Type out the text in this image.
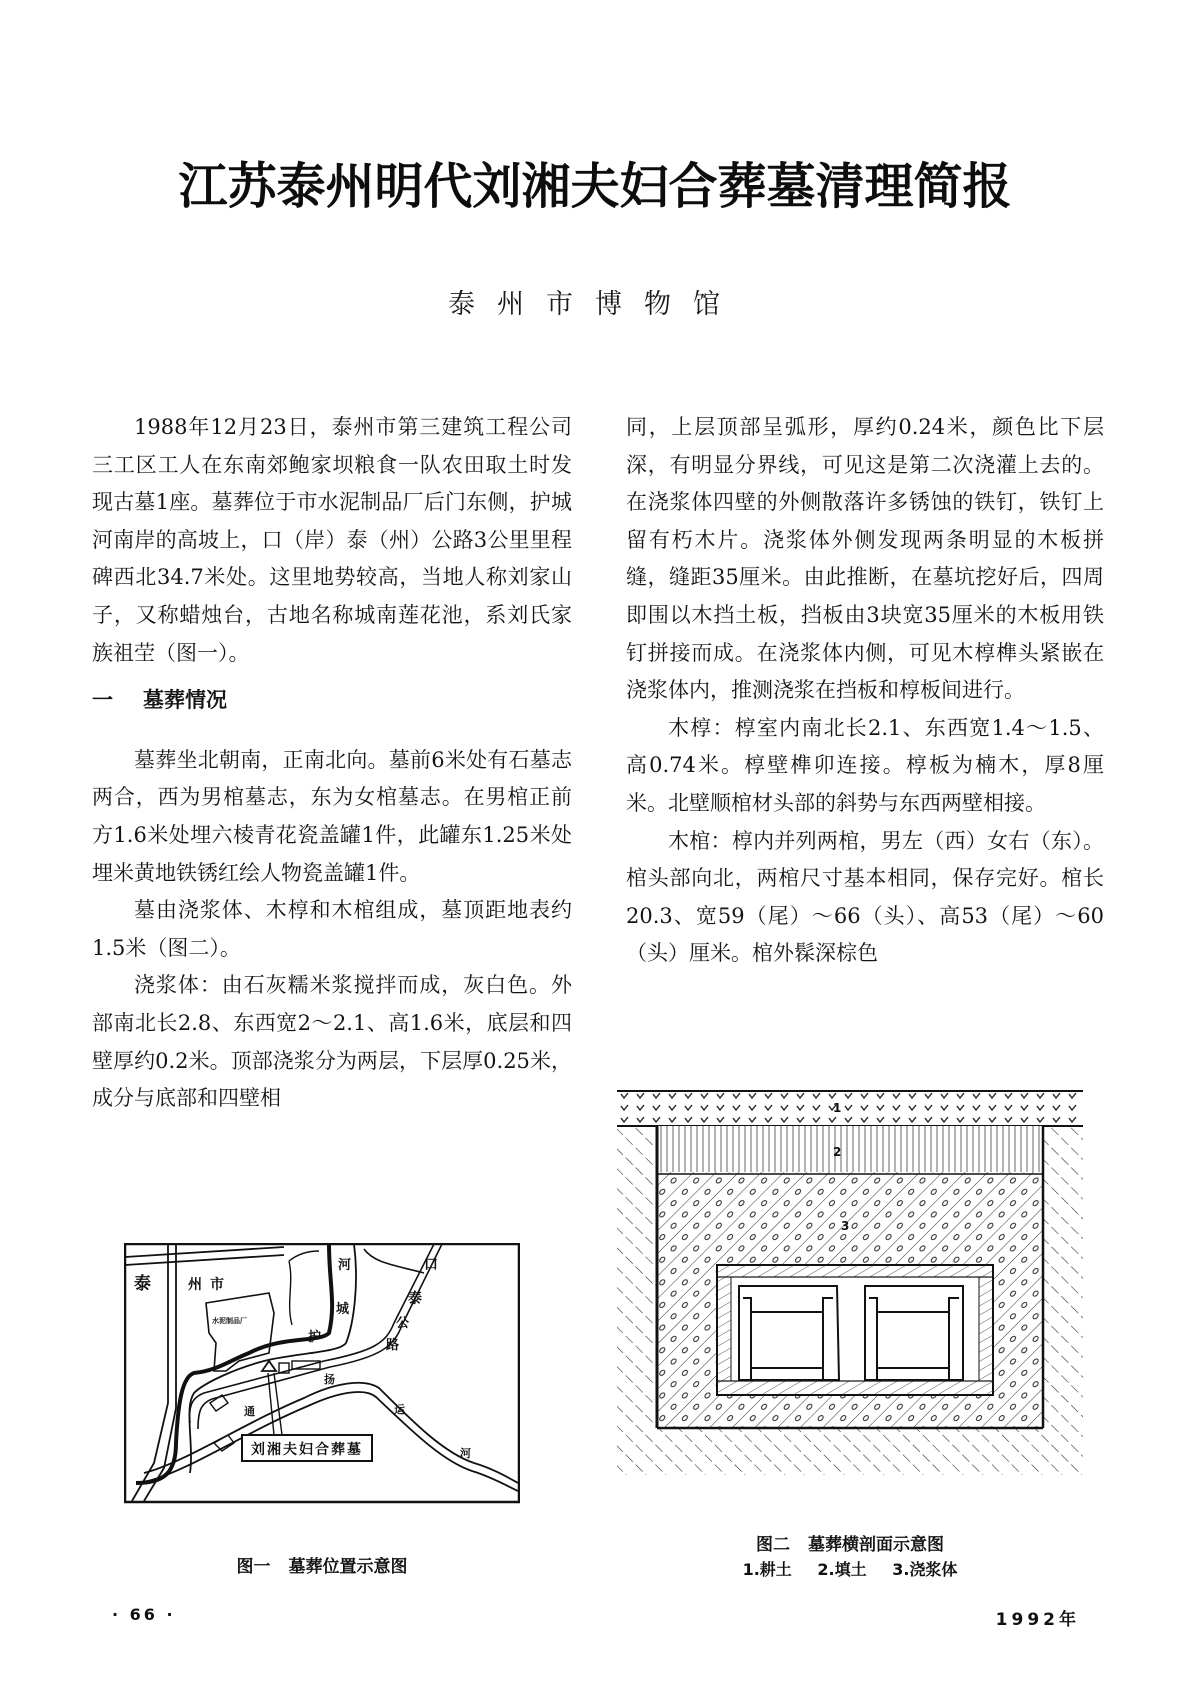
江苏泰州明代刘湘夫妇合葬墓清理简报
泰州市博物馆

1988年12月23日，泰州市第三建筑工程公司三工区工人在东南郊鲍家坝粮食一队农田取土时发现古墓1座。墓葬位于市水泥制品厂后门东侧，护城河南岸的高坡上，口（岸）泰（州）公路3公里里程碑西北34.7米处。这里地势较高，当地人称刘家山子，又称蜡烛台，古地名称城南莲花池，系刘氏家族祖茔（图一）。

一 墓葬情况

墓葬坐北朝南，正南北向。墓前6米处有石墓志两合，西为男棺墓志，东为女棺墓志。在男棺正前方1.6米处埋六棱青花瓷盖罐1件，此罐东1.25米处埋米黄地铁锈红绘人物瓷盖罐1件。

墓由浇浆体、木椁和木棺组成，墓顶距地表约1.5米（图二）。

浇浆体：由石灰糯米浆搅拌而成，灰白色。外部南北长2.8、东西宽2～2.1、高1.6米，底层和四壁厚约0.2米。顶部浇浆分为两层，下层厚0.25米，成分与底部和四壁相

同，上层顶部呈弧形，厚约0.24米，颜色比下层深，有明显分界线，可见这是第二次浇灌上去的。在浇浆体四壁的外侧散落许多锈蚀的铁钉，铁钉上留有朽木片。浇浆体外侧发现两条明显的木板拼缝，缝距35厘米。由此推断，在墓坑挖好后，四周即围以木挡土板，挡板由3块宽35厘米的木板用铁钉拼接而成。在浇浆体内侧，可见木椁榫头紧嵌在浇浆体内，推测浇浆在挡板和椁板间进行。

木椁：椁室内南北长2.1、东西宽1.4～1.5、高0.74米。椁壁榫卯连接。椁板为楠木，厚8厘米。北壁顺棺材头部的斜势与东西两壁相接。

木棺：椁内并列两棺，男左（西）女右（东）。棺头部向北，两棺尺寸基本相同，保存完好。棺长20.3、宽59（尾）～66（头）、高53（尾）～60（头）厘米。棺外髹深棕色

刘湘夫妇合葬墓
泰	州 市
水泥制品厂
河
城
护
口
泰
公
路
通
扬
运
河
图一 墓葬位置示意图
1
2
3
图二 墓葬横剖面示意图
1.耕土 2.填土 3.浇浆体
· 66 ·	1992年
